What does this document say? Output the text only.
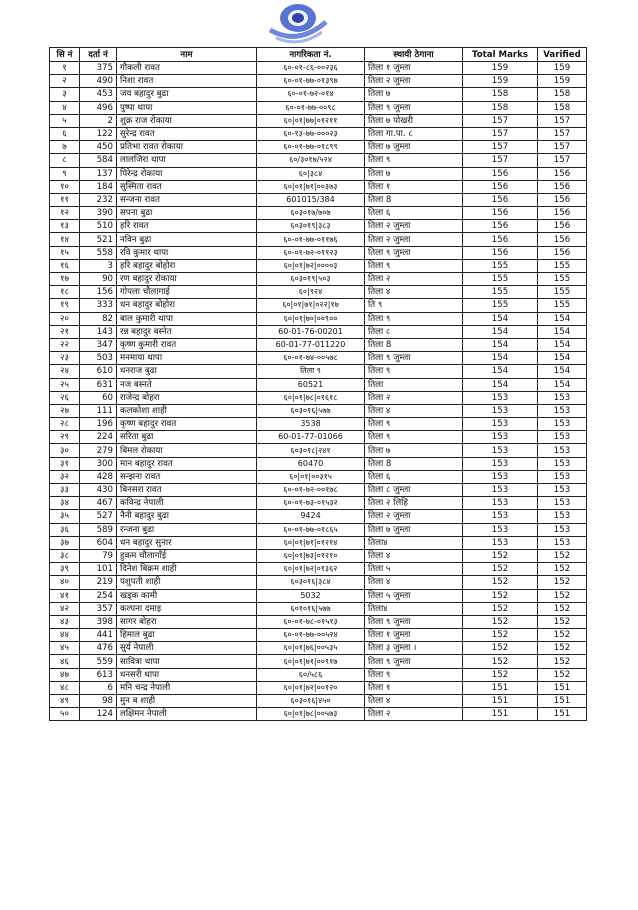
सि नं	दर्ता नं	नाम	नागरिकता नं.	स्थायी ठेगाना	Total Marks	Varified
१	375	गौकली रावत	६०-०१-८६-००२३६	तिला १ जुम्ला	159	159
२	490	निशा रावत	६०-०१-७७-०१३९७	तिला २ जुम्ला	159	159
३	453	जय बहादुर बुढा	६०-०१-७२-०१४	तिला ७	158	158
४	496	पुष्पा थापा	६०-०१-७७-००९८	तिला ९ जुम्ला	158	158
५	2	शुक्र राज रोकाया	६०|०१|७७|०१२११	तिला ७ पोखरी	157	157
६	122	सुरेन्द्र रावत	६०-१३-७७-०००२३	तिला गा.पा. ८	157	157
७	450	प्रतिभा रावत रोकाया	६०-०१-७७-०१८९९	तिला ७ जुम्ला	157	157
८	584	लालजिरा थापा	६०/३०१७/५२४	तिला ९	157	157
९	137	पिरेन्द्र रोकाया	६०|३८४	तिला ७	156	156
१०	184	सुस्मिता रावत	६०|०१|७१|००३७३	तिला १	156	156
११	232	सन्जना रावत	601015/384	तिला 8	156	156
१२	390	सपना बुढा	६०३०१७/७०७	तिला ६	156	156
१३	510	हरि रावत	६०३०१९|३८३	तिला २ जुम्ला	156	156
१४	521	नविन बुढा	६०-०१-७७-०११७६	तिला २ जुम्ला	156	156
१५	558	रवि कुमार थापा	६०-०१-७२-०११२३	तिला ९ जुम्ला	156	156
१६	3	हरि बहादुर बोहोरा	६०|०१|७२|००००३	तिला ९	155	155
१७	90	रण बहादुर रोकाया	६०३०१९|५०३	तिला २	155	155
१८	156	गोपला चौलागाई	६०|९२४	तिला ४	155	155
१९	333	धन बहादुर बोहोरा	६०|०१|७१|०२२|१७	ति ९	155	155
२०	82	बाल कुमारी थापा	६०|०१|७०|००९००	तिला ९	154	154
२१	143	रन्न बहादुर बस्नेत	60-01-76-00201	तिला ८	154	154
२२	347	कृष्ण कुमारी रावत	60-01-77-011220	तिला 8	154	154
२३	503	मनमाया थापा	६०-०१-७४-००५७८	तिला ९ जुम्ला	154	154
२४	610	धनराज बुढा	तिला ९	तिला ९	154	154
२५	631	नज बस्नते	60521	तिला	154	154
२६	60	राजेन्द्र बोहरा	६०|०१|७८|०१६१८	तिला २	153	153
२७	111	कलकोशा शाही	६०३०१६|५७७	तिला ४	153	153
२८	196	कृष्ण बहादुर रावत	3538	तिला ९	153	153
२९	224	सरिता बुढा	60-01-77-01066	तिला ९	153	153
३०	279	बिमल रोकाया	६०३०१८|२४१	तिला ७	153	153
३१	300	मान बहादुर रावत	60470	तिला 8	153	153
३२	428	सन्झना रावत	६०|०१|००३१५	तिला ६	153	153
३३	430	बिनसरा रावत	६०-०१-७२-००१७८	तिला ८ जुम्ला	153	153
३४	467	कविन्द्र नेपाली	६०-०१-७३-०१५३२	तिला २ लिहि	153	153
३५	527	नैनी बहादुर बुढा	9424	तिला २ जुम्ला	153	153
३६	589	रन्जना बुढा	६०-०१-७७-०१८६५	तिला ७ जुम्ला	153	153
३७	604	धन बहादुर सुनार	६०|०१|७१|०१२१४	तिला४	153	153
३८	79	हुकम चौलागाँई	६०|०१|७३|०१२१०	तिला ४	152	152
३९	101	दिनेश बिक्रम शाही	६०|०१|७२|०१३६२	तिला ५	152	152
४०	219	पशुपती शाही	६०३०१६|३८४	तिला ४	152	152
४१	254	खड्क कामी	5032	तिला ५ जुम्ला	152	152
४२	357	कल्पना दमाइ	६०१०१६|५७७	तिला४	152	152
४३	398	सागर बोहरा	६०-०१-७८-०१५१३	तिला ९ जुम्ला	152	152
४४	441	हिमाल बुढा	६०-०१-७७-००५२४	तिला १ जुम्ला	152	152
४५	476	सुर्य नेपाली	६०|०१|७६|००५३५	तिला ३ जुम्ला ।	152	152
४६	559	सावित्रा थापा	६०|०१|७१|००९१७	तिला ९ जुम्ला	152	152
४७	613	धनसरी थापा	६०/५८६	तिला ९	152	152
४८	6	मनि चन्द्र नेपाली	६०|०१|७२|००१२०	तिला १	151	151
४९	98	मुन ब शाही	६०३०१६|४५०	तिला ४	151	151
५०	124	लक्षिमन नेपाली	६०|०१|७८|००५७३	तिला २	151	151
